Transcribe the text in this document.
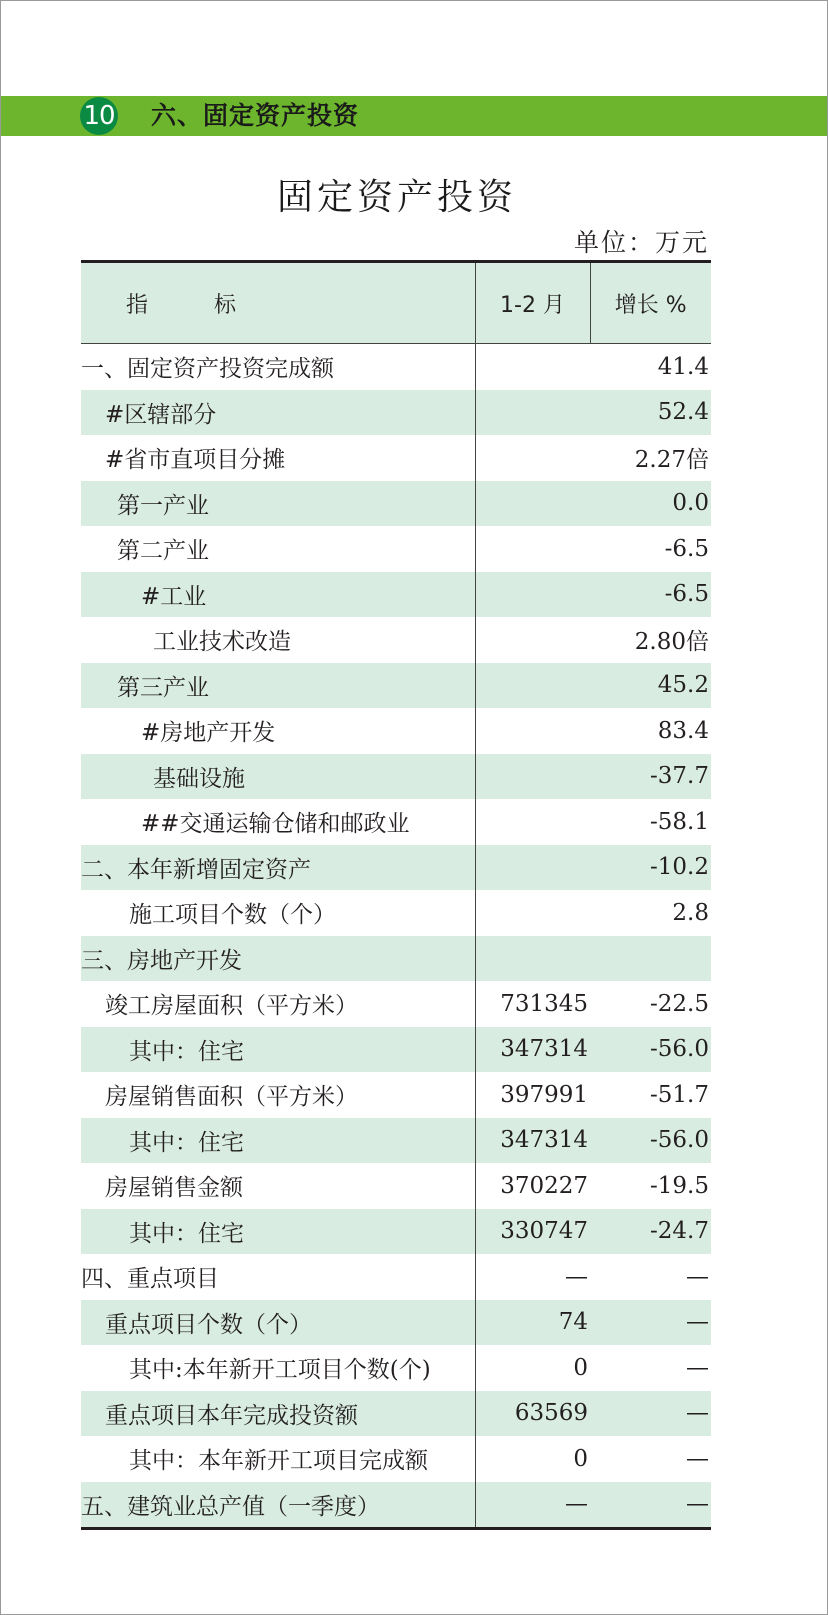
10 六、固定资产投资
固定资产投资
单位：万元
指　标	1-2 月	增长 %
一、固定资产投资完成额		41.4
#区辖部分		52.4
#省市直项目分摊		2.27倍
第一产业		0.0
第二产业		-6.5
#工业		-6.5
工业技术改造		2.80倍
第三产业		45.2
#房地产开发		83.4
基础设施		-37.7
##交通运输仓储和邮政业		-58.1
二、本年新增固定资产		-10.2
施工项目个数（个）		2.8
三、房地产开发		
竣工房屋面积（平方米）	731345	-22.5
其中：住宅	347314	-56.0
房屋销售面积（平方米）	397991	-51.7
其中：住宅	347314	-56.0
房屋销售金额	370227	-19.5
其中：住宅	330747	-24.7
四、重点项目	—	—
重点项目个数（个）	74	—
其中:本年新开工项目个数(个)	0	—
重点项目本年完成投资额	63569	—
其中：本年新开工项目完成额	0	—
五、建筑业总产值（一季度）	—	—
